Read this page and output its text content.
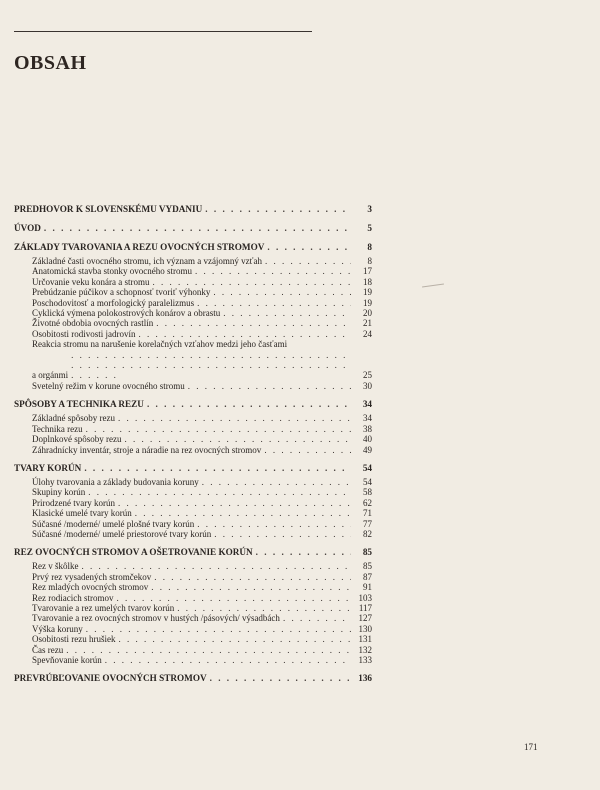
OBSAH
PREDHOVOR K SLOVENSKÉMU VYDANIU . . .	3
ÚVOD . . .	5
ZÁKLADY TVAROVANIA A REZU OVOCNÝCH STROMOV . . .	8
Základné časti ovocného stromu, ich význam a vzájomný vzťah . . .	8
Anatomická stavba stonky ovocného stromu . . .	17
Určovanie veku konára a stromu . . .	18
Prebúdzanie púčikov a schopnosť tvoriť výhonky . . .	19
Poschodovitosť a morfologický paralelizmus . . .	19
Cyklická výmena polokostrových konárov a obrastu . . .	20
Životné obdobia ovocných rastlín . . .	21
Osobitosti rodivosti jadrovín . . .	24
Reakcia stromu na narušenie korelačných vzťahov medzi jeho časťami
a orgánmi . . .	25
Svetelný režim v korune ovocného stromu . . .	30
SPÔSOBY A TECHNIKA REZU . . .	34
Základné spôsoby rezu . . .	34
Technika rezu . . .	38
Doplnkové spôsoby rezu . . .	40
Záhradnícky inventár, stroje a náradie na rez ovocných stromov . . .	49
TVARY KORÚN . . .	54
Úlohy tvarovania a základy budovania koruny . . .	54
Skupiny korún . . .	58
Prirodzené tvary korún . . .	62
Klasické umelé tvary korún . . .	71
Súčasné /moderné/ umelé plošné tvary korún . . .	77
Súčasné /moderné/ umelé priestorové tvary korún . . .	82
REZ OVOCNÝCH STROMOV A OŠETROVANIE KORÚN . . .	85
Rez v škôlke . . .	85
Prvý rez vysadených stromčekov . . .	87
Rez mladých ovocných stromov . . .	91
Rez rodiacich stromov . . .	103
Tvarovanie a rez umelých tvarov korún . . .	117
Tvarovanie a rez ovocných stromov v hustých /pásových/ výsadbách . . .	127
Výška koruny . . .	130
Osobitosti rezu hrušiek . . .	131
Čas rezu . . .	132
Spevňovanie korún . . .	133
PREVRÚBĽOVANIE OVOCNÝCH STROMOV . . .	136
171
